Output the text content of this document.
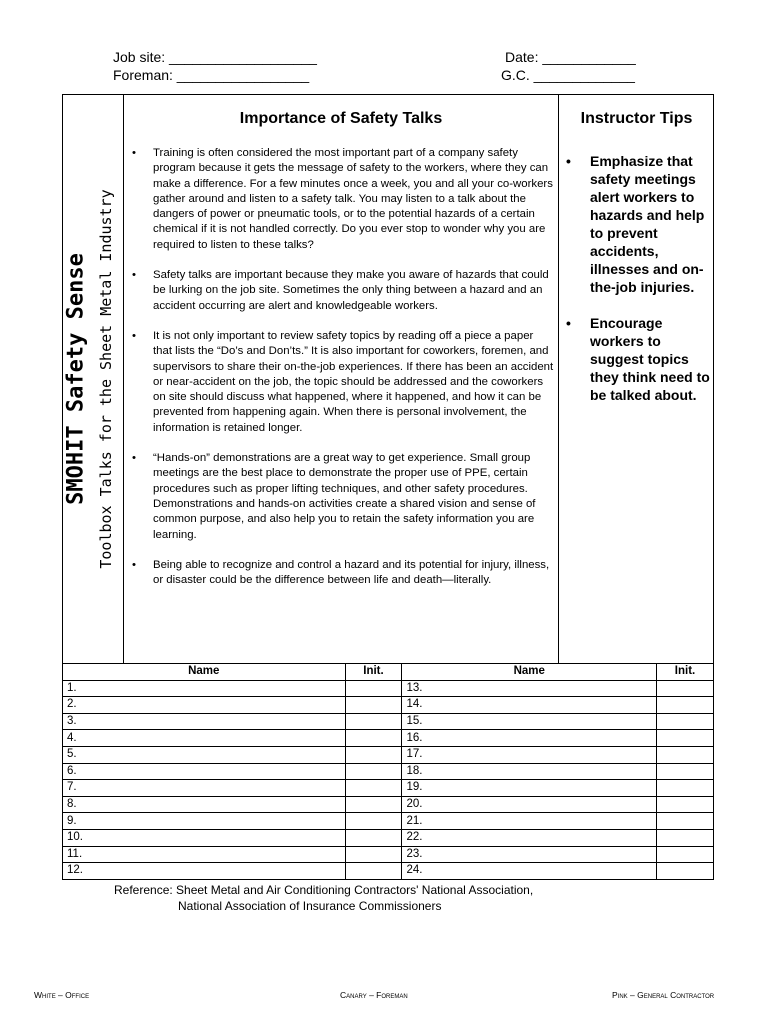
Job site: ___________________
Foreman: _________________
Date: ____________
G.C. _____________
SMOHIT Safety Sense Toolbox Talks for the Sheet Metal Industry
Importance of Safety Talks
• Training is often considered the most important part of a company safety program because it gets the message of safety to the workers, where they can make a difference. For a few minutes once a week, you and all your co-workers gather around and listen to a safety talk. You may listen to a talk about the dangers of power or pneumatic tools, or to the potential hazards of a certain chemical if it is not handled correctly. Do you ever stop to wonder why you are required to listen to these talks?
• Safety talks are important because they make you aware of hazards that could be lurking on the job site. Sometimes the only thing between a hazard and an accident occurring are alert and knowledgeable workers.
• It is not only important to review safety topics by reading off a piece a paper that lists the “Do’s and Don’ts.” It is also important for coworkers, foremen, and supervisors to share their on-the-job experiences. If there has been an accident or near-accident on the job, the topic should be addressed and the coworkers on site should discuss what happened, where it happened, and how it can be prevented from happening again. When there is personal involvement, the information is retained longer.
• “Hands-on” demonstrations are a great way to get experience. Small group meetings are the best place to demonstrate the proper use of PPE, certain procedures such as proper lifting techniques, and other safety procedures. Demonstrations and hands-on activities create a shared vision and sense of common purpose, and also help you to retain the safety information you are learning.
• Being able to recognize and control a hazard and its potential for injury, illness, or disaster could be the difference between life and death—literally.
Instructor Tips
• Emphasize that safety meetings alert workers to hazards and help to prevent accidents, illnesses and on-the-job injuries.
• Encourage workers to suggest topics they think need to be talked about.
Name	Init.	Name	Init.
1.		13.	
2.		14.	
3.		15.	
4.		16.	
5.		17.	
6.		18.	
7.		19.	
8.		20.	
9.		21.	
10.		22.	
11.		23.	
12.		24.	
Reference: Sheet Metal and Air Conditioning Contractors' National Association,
National Association of Insurance Commissioners
White – Office	Canary – Foreman	Pink – General Contractor
